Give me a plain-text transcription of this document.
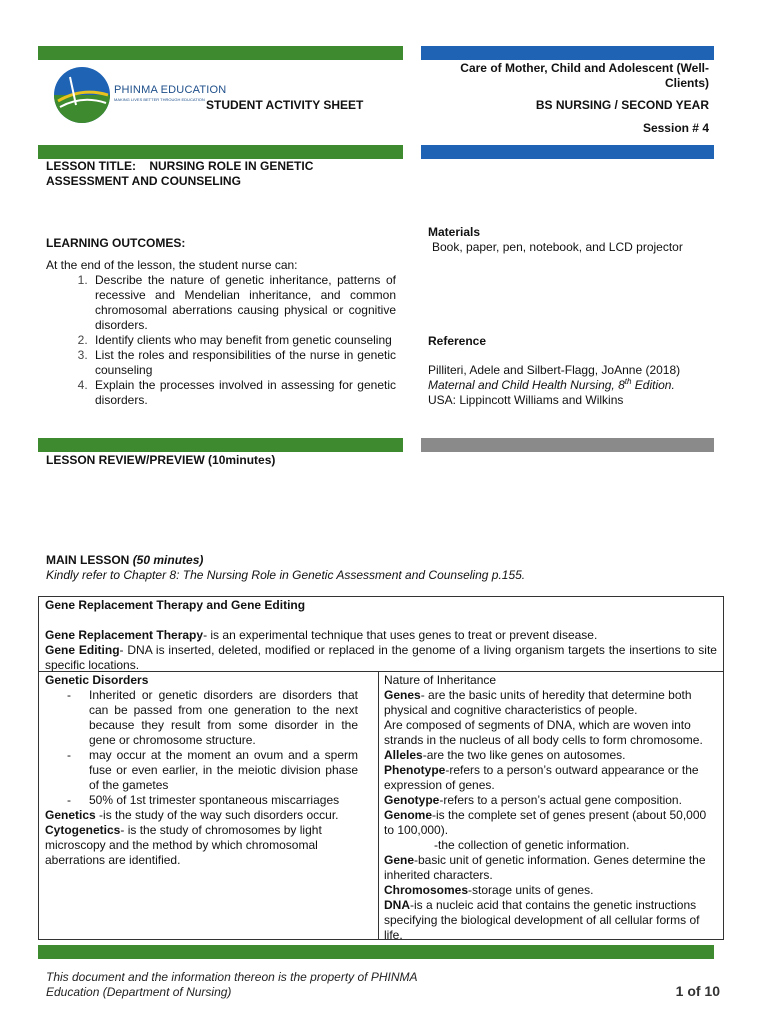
PHINMA EDUCATION
MAKING LIVES BETTER THROUGH EDUCATION STUDENT ACTIVITY SHEET
Care of Mother, Child and Adolescent (Well-
Clients)
BS NURSING / SECOND YEAR
Session # 4
LESSON TITLE: NURSING ROLE IN GENETIC
ASSESSMENT AND COUNSELING
LEARNING OUTCOMES:
At the end of the lesson, the student nurse can:
1. Describe the nature of genetic inheritance, patterns of recessive and Mendelian inheritance, and common chromosomal aberrations causing physical or cognitive disorders.
2. Identify clients who may benefit from genetic counseling
3. List the roles and responsibilities of the nurse in genetic counseling
4. Explain the processes involved in assessing for genetic disorders.
Materials
Book, paper, pen, notebook, and LCD projector
Reference
Pilliteri, Adele and Silbert-Flagg, JoAnne (2018)
Maternal and Child Health Nursing, 8th Edition.
USA: Lippincott Williams and Wilkins
LESSON REVIEW/PREVIEW (10minutes)
MAIN LESSON (50 minutes)
Kindly refer to Chapter 8: The Nursing Role in Genetic Assessment and Counseling p.155.

Gene Replacement Therapy and Gene Editing

Gene Replacement Therapy- is an experimental technique that uses genes to treat or prevent disease.

Gene Editing- DNA is inserted, deleted, modified or replaced in the genome of a living organism targets the insertions to site specific locations.

Genetic Disorders

- Inherited or genetic disorders are disorders that can be passed from one generation to the next because they result from some disorder in the gene or chromosome structure.

- may occur at the moment an ovum and a sperm fuse or even earlier, in the meiotic division phase of the gametes

- 50% of 1st trimester spontaneous miscarriages

Genetics -is the study of the way such disorders occur.

Cytogenetics- is the study of chromosomes by light microscopy and the method by which chromosomal aberrations are identified.

Nature of Inheritance

Genes- are the basic units of heredity that determine both physical and cognitive characteristics of people.

Are composed of segments of DNA, which are woven into strands in the nucleus of all body cells to form chromosome.

Alleles-are the two like genes on autosomes.

Phenotype-refers to a person’s outward appearance or the expression of genes.

Genotype-refers to a person’s actual gene composition.

Genome-is the complete set of genes present (about 50,000 to 100,000).

-the collection of genetic information.

Gene-basic unit of genetic information. Genes determine the inherited characters.

Chromosomes-storage units of genes.

DNA-is a nucleic acid that contains the genetic instructions specifying the biological development of all cellular forms of life.

This document and the information thereon is the property of PHINMA
Education (Department of Nursing)	1 of 10
